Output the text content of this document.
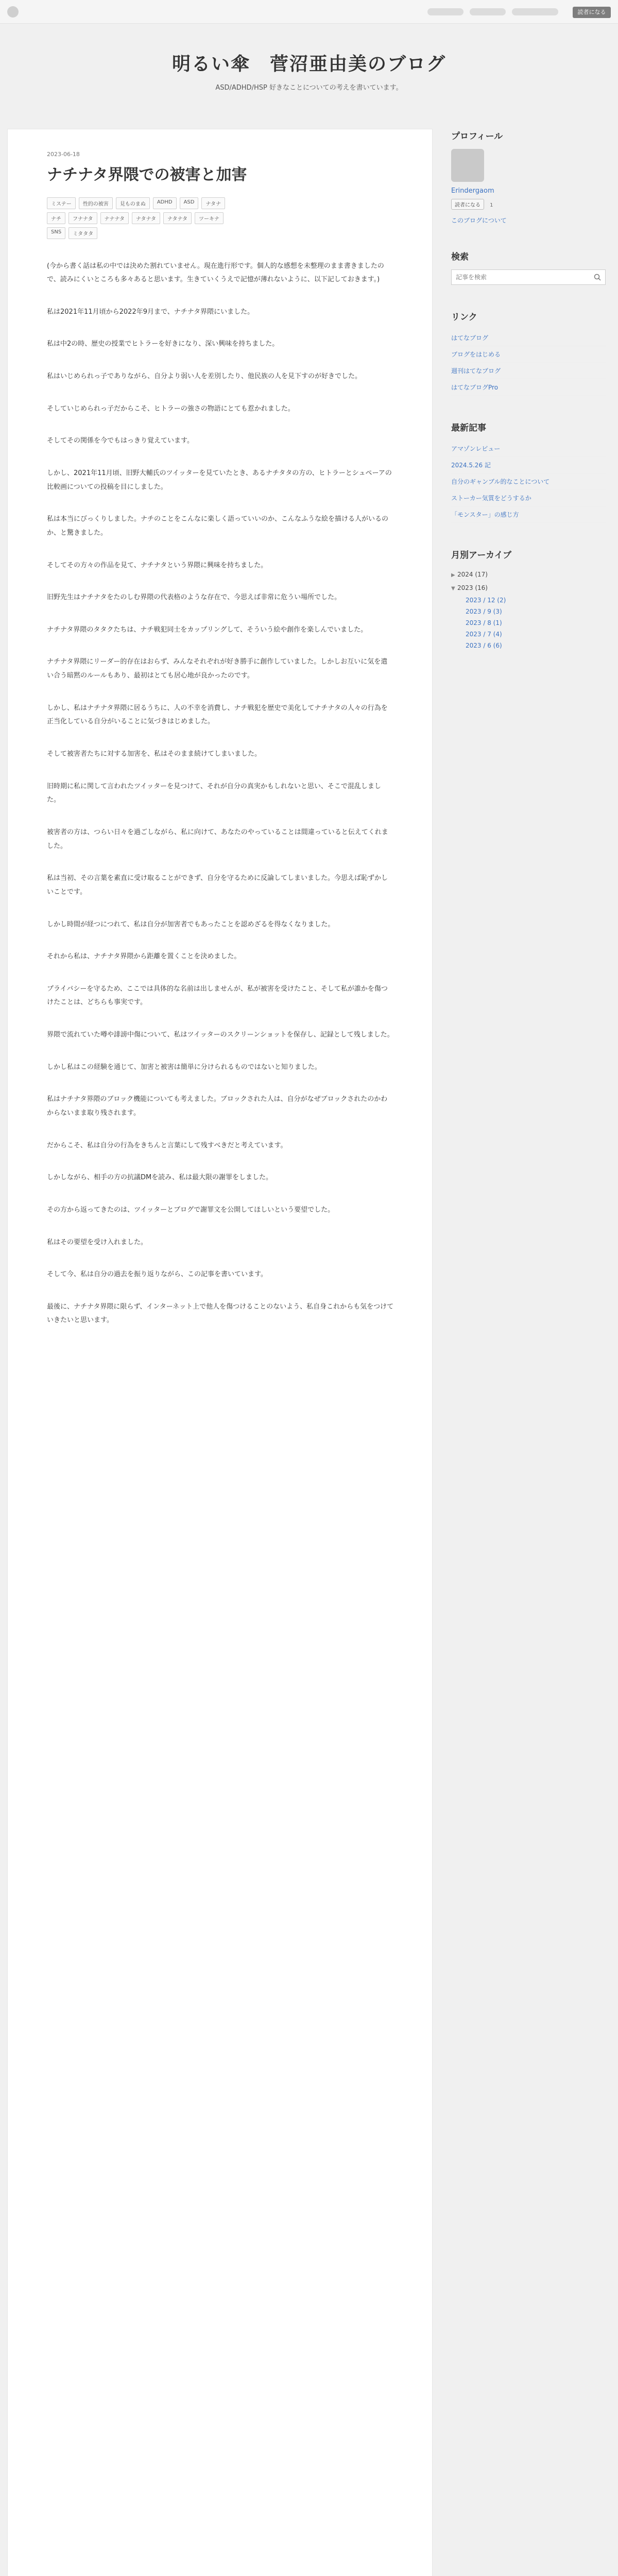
読者になる
明るい傘　菅沼亜由美のブログ
ASD/ADHD/HSP 好きなことについての考えを書いています。
2023-06-18
ナチナタ界隈での被害と加害
ミステー	性的の被害	見ものまぬ	ADHD	ASD	ナタナ
ナチ	フナナタ	ナナナタ	ナタナタ	ナタナタ	ツーキナ
SNS	ミタタタ

(今から書く話は私の中では決めた割れていません。現在進行形です。個人的な感想を未整理のまま書きましたので、読みにくいところも多々あると思います。生きていくうえで記憶が薄れないように、以下記しておきます。)

私は2021年11月頃から2022年9月まで、ナチナタ界隈にいました。

私は中2の時、歴史の授業でヒトラーを好きになり、深い興味を持ちました。

私はいじめられっ子でありながら、自分より弱い人を差別したり、他民族の人を見下すのが好きでした。

そしていじめられっ子だからこそ、ヒトラーの強さの物語にとても惹かれました。

そしてその関係を今でもはっきり覚えています。

しかし、2021年11月頃、旧野大輔氏のツイッターを見ていたとき、あるナチタタの方の、ヒトラーとシュペーアの比較画についての投稿を目にしました。

私は本当にびっくりしました。ナチのことをこんなに楽しく語っていいのか、こんなふうな絵を描ける人がいるのか、と驚きました。

そしてその方々の作品を見て、ナチナタという界隈に興味を持ちました。

旧野先生はナチナタをたのしむ界隈の代表格のような存在で、今思えば非常に危うい場所でした。

ナチナタ界隈のタタクたちは、ナチ戦犯同士をカップリングして、そういう絵や創作を楽しんでいました。

ナチナタ界隈にリーダー的存在はおらず、みんなそれぞれが好き勝手に創作していました。しかしお互いに気を遣い合う暗黙のルールもあり、最初はとても居心地が良かったのです。

しかし、私はナチナタ界隈に居るうちに、人の不幸を消費し、ナチ戦犯を歴史で美化してナチナタの人々の行為を正当化している自分がいることに気づきはじめました。

そして被害者たちに対する加害を、私はそのまま続けてしまいました。

旧時期に私に関して言われたツイッターを見つけて、それが自分の真実かもしれないと思い、そこで混乱しました。

被害者の方は、つらい日々を過ごしながら、私に向けて、あなたのやっていることは間違っていると伝えてくれました。

私は当初、その言葉を素直に受け取ることができず、自分を守るために反論してしまいました。今思えば恥ずかしいことです。

しかし時間が経つにつれて、私は自分が加害者でもあったことを認めざるを得なくなりました。

それから私は、ナチナタ界隈から距離を置くことを決めました。

プライバシーを守るため、ここでは具体的な名前は出しませんが、私が被害を受けたこと、そして私が誰かを傷つけたことは、どちらも事実です。

界隈で流れていた噂や誹謗中傷について、私はツイッターのスクリーンショットを保存し、記録として残しました。

しかし私はこの経験を通じて、加害と被害は簡単に分けられるものではないと知りました。

私はナチナタ界隈のブロック機能についても考えました。ブロックされた人は、自分がなぜブロックされたのかわからないまま取り残されます。

だからこそ、私は自分の行為をきちんと言葉にして残すべきだと考えています。

しかしながら、相手の方の抗議DMを読み、私は最大限の謝罪をしました。

その方から返ってきたのは、ツイッターとブログで謝罪文を公開してほしいという要望でした。

私はその要望を受け入れました。

そして今、私は自分の過去を振り返りながら、この記事を書いています。

最後に、ナチナタ界隈に限らず、インターネット上で他人を傷つけることのないよう、私自身これからも気をつけていきたいと思います。

プロフィール
Erindergaom
読者になる 1
このブログについて
検索
記事を検索
リンク
はてなブログ
ブログをはじめる
週刊はてなブログ
はてなブログPro
最新記事
アマゾンレビュー
2024.5.26 記
自分のギャンブル的なことについて
ストーカー気質をどうするか
「モンスター」の感じ方
月別アーカイブ
▶ 2024 (17)
▼ 2023 (16)
2023 / 12 (2)
2023 / 9 (3)
2023 / 8 (1)
2023 / 7 (4)
2023 / 6 (6)
